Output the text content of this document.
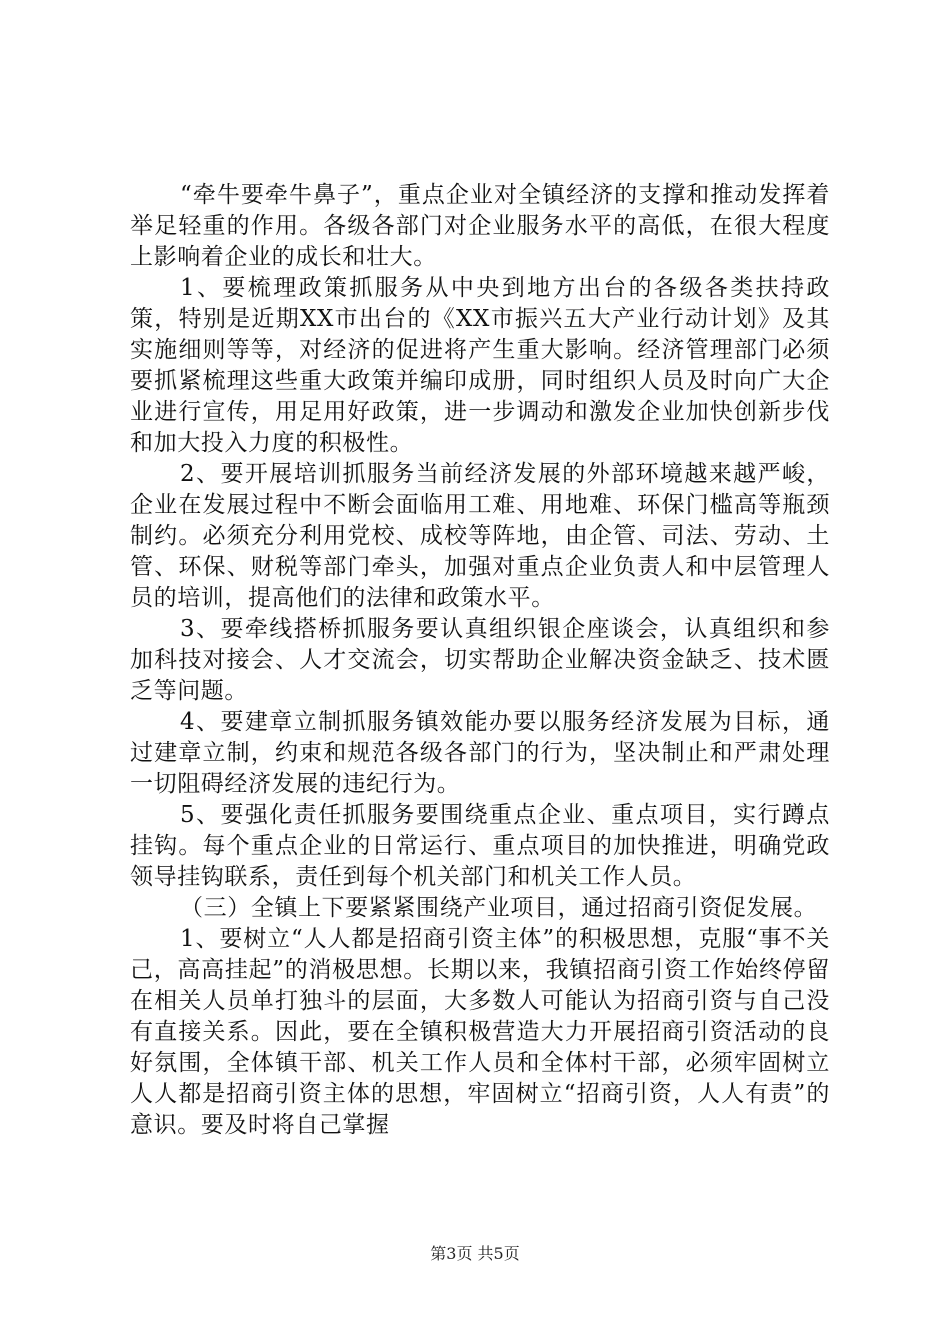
“牵牛要牵牛鼻子”，重点企业对全镇经济的支撑和推动发挥着举足轻重的作用。各级各部门对企业服务水平的高低，在很大程度上影响着企业的成长和壮大。

1、要梳理政策抓服务从中央到地方出台的各级各类扶持政策，特别是近期XX市出台的《XX市振兴五大产业行动计划》及其实施细则等等，对经济的促进将产生重大影响。经济管理部门必须要抓紧梳理这些重大政策并编印成册，同时组织人员及时向广大企业进行宣传，用足用好政策，进一步调动和激发企业加快创新步伐和加大投入力度的积极性。

2、要开展培训抓服务当前经济发展的外部环境越来越严峻，企业在发展过程中不断会面临用工难、用地难、环保门槛高等瓶颈制约。必须充分利用党校、成校等阵地，由企管、司法、劳动、土管、环保、财税等部门牵头，加强对重点企业负责人和中层管理人员的培训，提高他们的法律和政策水平。

3、要牵线搭桥抓服务要认真组织银企座谈会，认真组织和参加科技对接会、人才交流会，切实帮助企业解决资金缺乏、技术匮乏等问题。

4、要建章立制抓服务镇效能办要以服务经济发展为目标，通过建章立制，约束和规范各级各部门的行为，坚决制止和严肃处理一切阻碍经济发展的违纪行为。

5、要强化责任抓服务要围绕重点企业、重点项目，实行蹲点挂钩。每个重点企业的日常运行、重点项目的加快推进，明确党政领导挂钩联系，责任到每个机关部门和机关工作人员。

（三）全镇上下要紧紧围绕产业项目，通过招商引资促发展。

1、要树立“人人都是招商引资主体”的积极思想，克服“事不关己，高高挂起”的消极思想。长期以来，我镇招商引资工作始终停留在相关人员单打独斗的层面，大多数人可能认为招商引资与自己没有直接关系。因此，要在全镇积极营造大力开展招商引资活动的良好氛围，全体镇干部、机关工作人员和全体村干部，必须牢固树立人人都是招商引资主体的思想，牢固树立“招商引资，人人有责”的意识。要及时将自己掌握

第3页 共5页
